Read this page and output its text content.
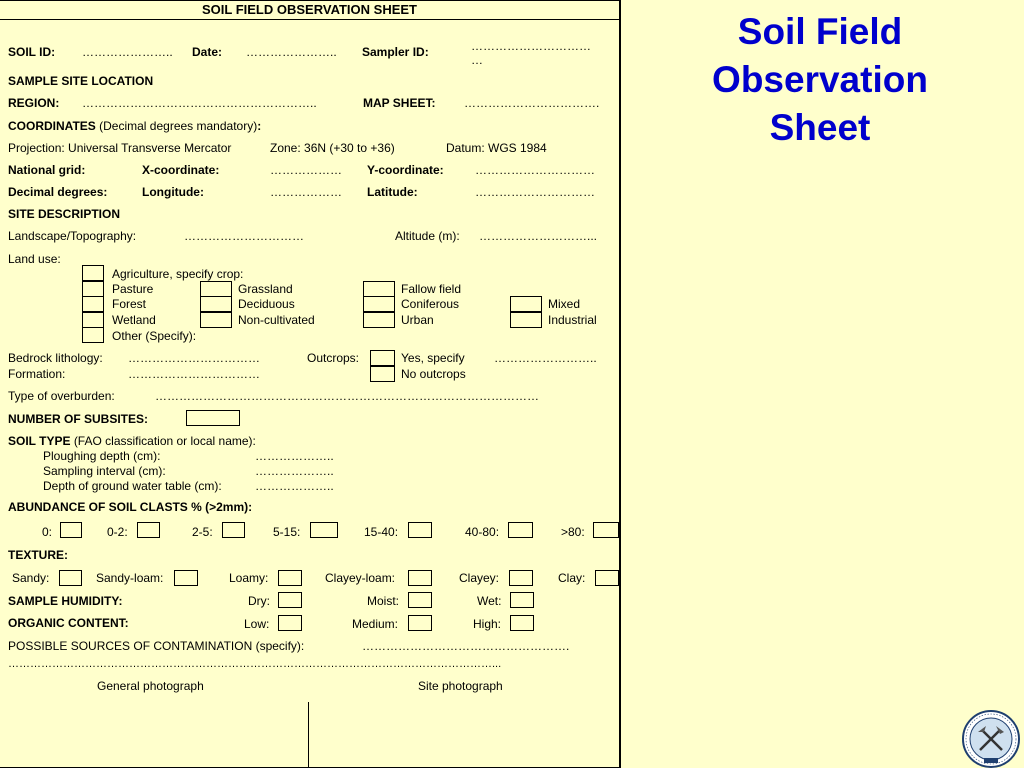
SOIL FIELD OBSERVATION SHEET
SOIL ID: ………………….. Date: ………………….. Sampler ID:	…………………………
…
SAMPLE SITE LOCATION
REGION: …………………………………………………..	MAP SHEET: …………………………….
COORDINATES (Decimal degrees mandatory):
Projection: Universal Transverse Mercator	Zone: 36N (+30 to +36)	Datum: WGS 1984
National grid:	X-coordinate:	……………… Y-coordinate:	…………………………
Decimal degrees:	Longitude:	……………… Latitude:	…………………………
SITE DESCRIPTION
Landscape/Topography:	…………………………	Altitude (m): ………………………...
Land use:
Agriculture, specify crop:
Pasture	Grassland	Fallow field
Forest	Deciduous	Coniferous	Mixed
Wetland	Non-cultivated	Urban	Industrial
Other (Specify):
Bedrock lithology: ……………………………	Outcrops:	Yes, specify ……………………..
Formation:	……………………………	No outcrops
Type of overburden:	……………………………………………………………………………………
NUMBER OF SUBSITES:
SOIL TYPE (FAO classification or local name):
Ploughing depth (cm):	………………..
Sampling interval (cm):	………………..
Depth of ground water table (cm):	………………..
ABUNDANCE OF SOIL CLASTS % (>2mm):
0:	0-2:	2-5:	5-15:	15-40:	40-80:	>80:
TEXTURE:
Sandy:	Sandy-loam:	Loamy:	Clayey-loam:	Clayey:	Clay:
SAMPLE HUMIDITY:	Dry:	Moist:	Wet:
ORGANIC CONTENT:	Low:	Medium:	High:
POSSIBLE SOURCES OF CONTAMINATION (specify):	…………………………………………….
……………………………………………………………………………………………………………………...
General photograph	Site photograph
Soil Field
Observation
Sheet
